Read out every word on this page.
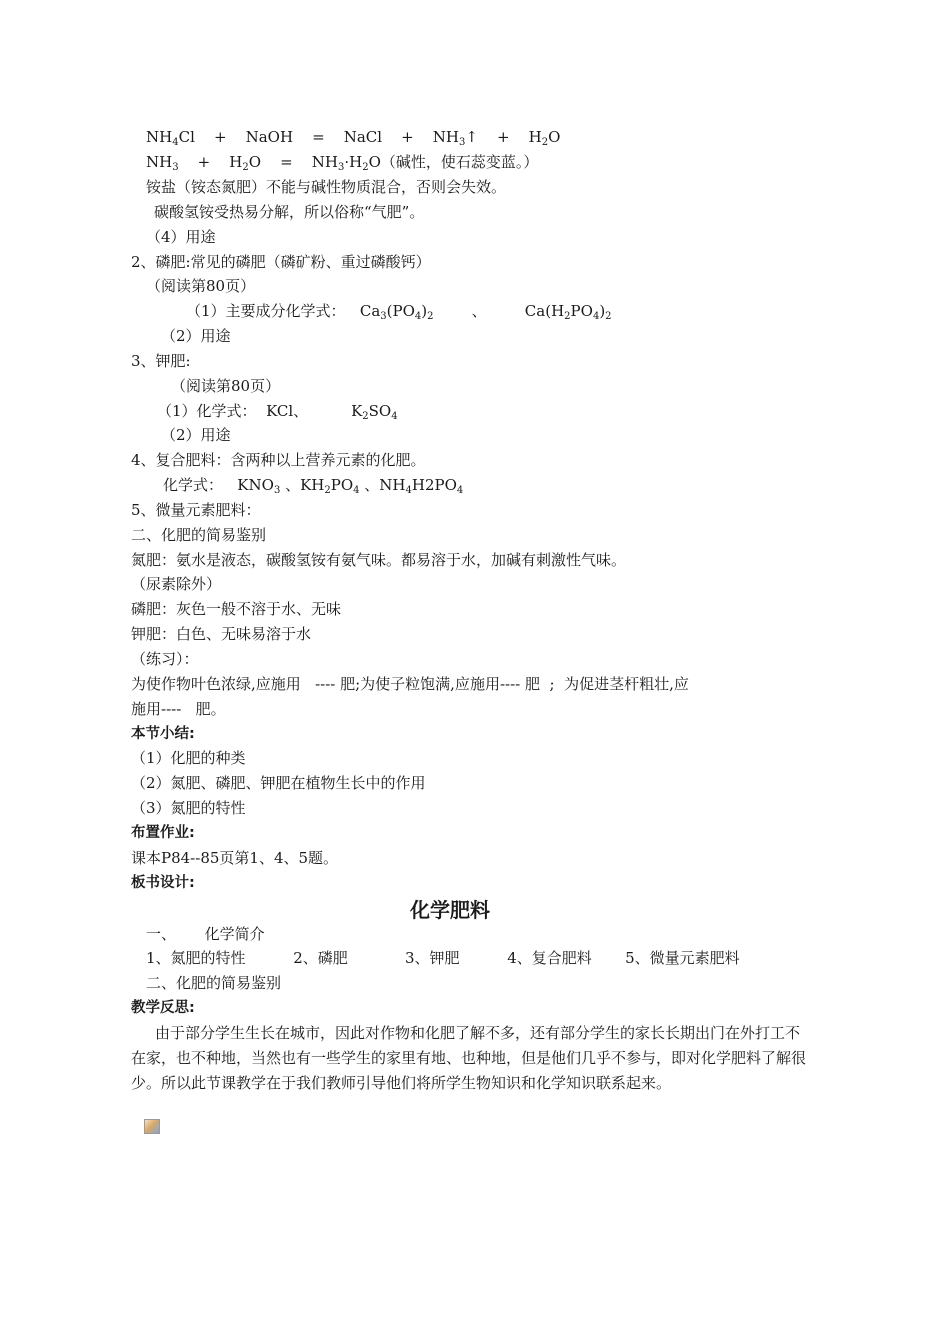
$NH_4Cl$    +    NaOH    =    NaCl    +    $NH_3↑$    +    $H_2O$
$NH_3$    +    $H_2O$    =    $NH_3\cdot H_2O$（碱性，使石蕊变蓝。）
铵盐（铵态氮肥）不能与碱性物质混合，否则会失效。
碳酸氢铵受热易分解，所以俗称“气肥”。
（4）用途
2、磷肥:常见的磷肥（磷矿粉、重过磷酸钙）
（阅读第80页）
（1）主要成分化学式：   $Ca_3(PO_4)_2$        、        $Ca(H_2PO_4)_2$
（2）用途
3、钾肥:
（阅读第80页）
（1）化学式：  KCl、         $K_2SO_4$
（2）用途
4、复合肥料：含两种以上营养元素的化肥。
化学式：   $KNO_3$ 、$KH_2PO_4$ 、$NH_4H2PO_4$
5、微量元素肥料：
二、化肥的简易鉴别
氮肥：氨水是液态，碳酸氢铵有氨气味。都易溶于水，加碱有刺激性气味。
（尿素除外）
磷肥：灰色一般不溶于水、无味
钾肥：白色、无味易溶于水
（练习）：
为使作物叶色浓绿,应施用   ---- 肥;为使子粒饱满,应施用---- 肥  ;  为促进茎杆粗壮,应
施用----   肥。
本节小结:
（1）化肥的种类
（2）氮肥、磷肥、钾肥在植物生长中的作用
（3）氮肥的特性
布置作业:
课本P84--85页第1、4、5题。
板书设计:
化学肥料
一、      化学简介
1、氮肥的特性          2、磷肥            3、钾肥          4、复合肥料       5、微量元素肥料
二、化肥的简易鉴别
教学反思:
由于部分学生生长在城市，因此对作物和化肥了解不多，还有部分学生的家长长期出门在外打工不在家，也不种地，当然也有一些学生的家里有地、也种地，但是他们几乎不参与，即对化学肥料了解很少。所以此节课教学在于我们教师引导他们将所学生物知识和化学知识联系起来。
